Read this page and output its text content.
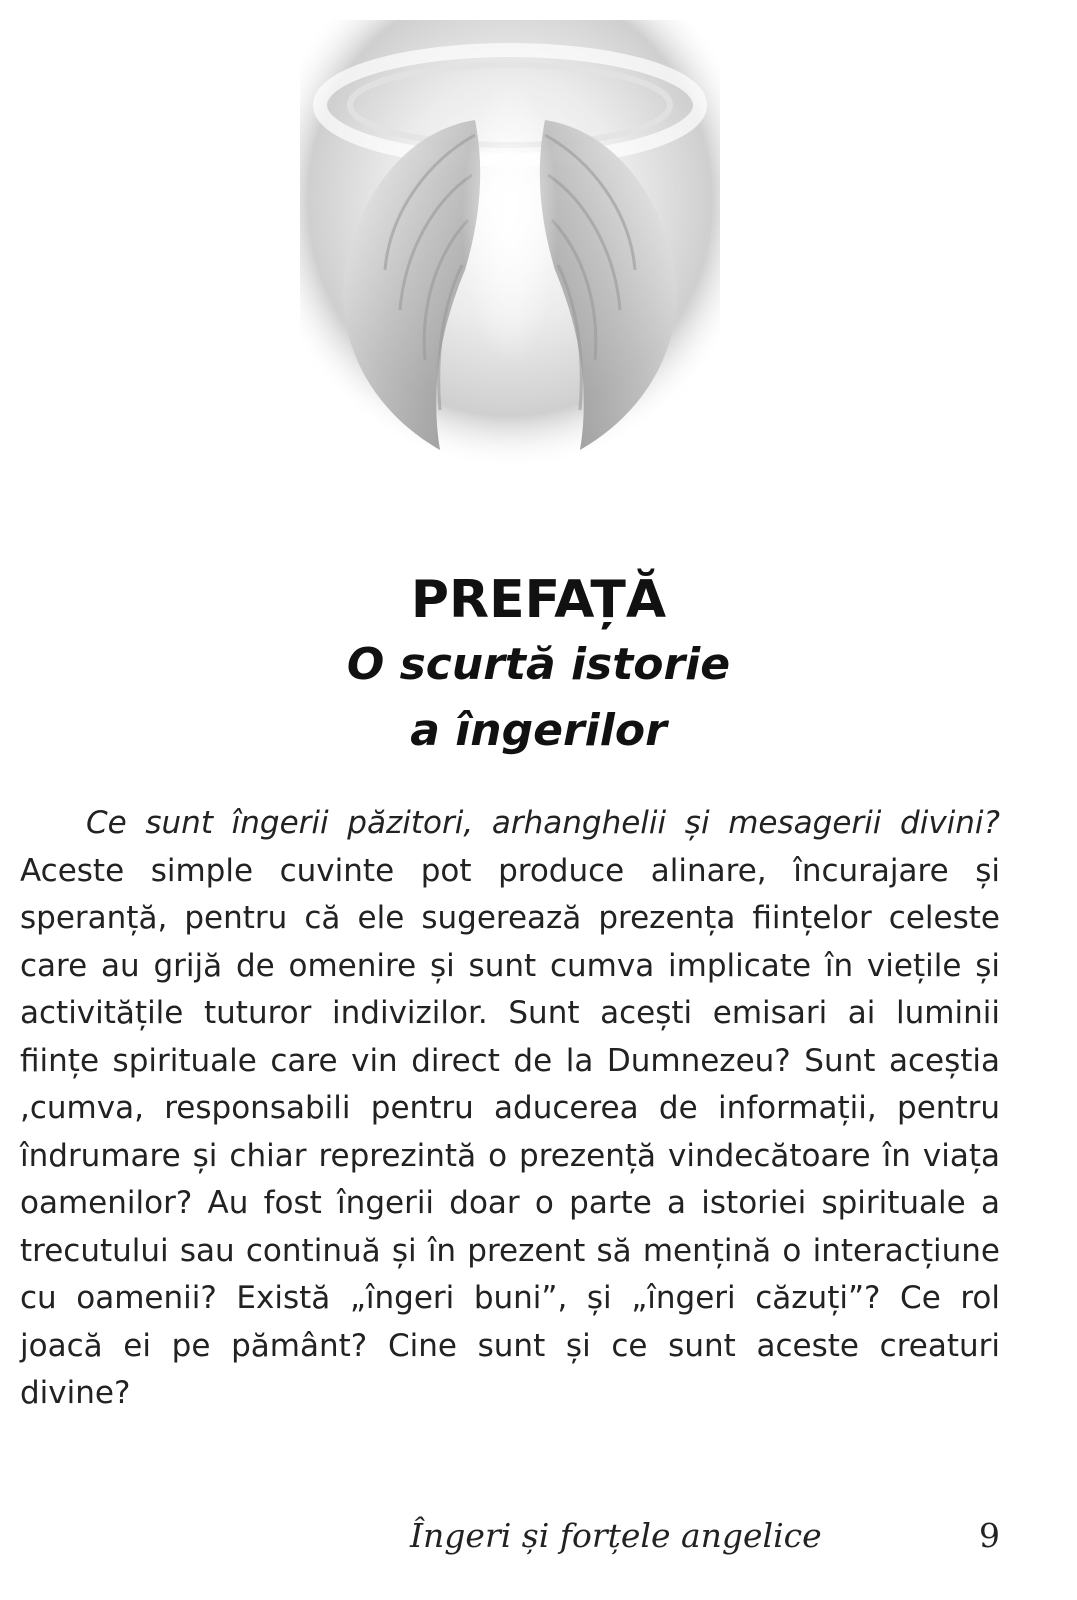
PREFAȚĂ
O scurtă istorie
a îngerilor

Ce sunt îngerii păzitori, arhanghelii și mesagerii divini? Aceste simple cuvinte pot produce alinare, încurajare și speranță, pentru că ele sugerează prezența ființelor celeste care au grijă de omenire și sunt cumva implicate în viețile și activitățile tuturor indivizilor. Sunt acești emisari ai luminii ființe spirituale care vin direct de la Dumnezeu? Sunt aceștia ,cumva, responsabili pentru aducerea de informații, pentru îndrumare și chiar reprezintă o prezență vindecătoare în viața oamenilor? Au fost îngerii doar o parte a istoriei spirituale a trecutului sau continuă și în prezent să mențină o interacțiune cu oamenii? Există „îngeri buni”, și „îngeri căzuți”? Ce rol joacă ei pe pământ? Cine sunt și ce sunt aceste creaturi divine?

Îngeri și forțele angelice	9
